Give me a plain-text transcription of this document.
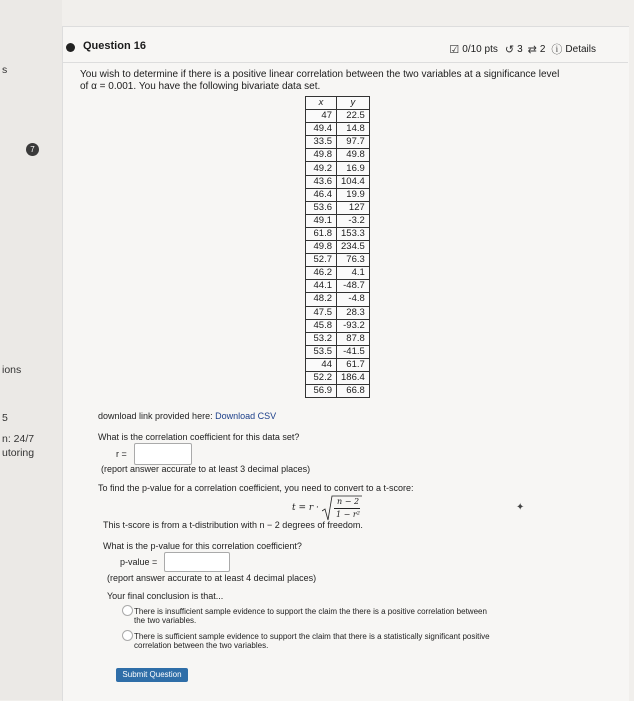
s
7
ions
5
n: 24/7
utoring
Question 16	☑ 0/10 pts ↺ 3 ⇄ 2 ⓘ Details
You wish to determine if there is a positive linear correlation between the two variables at a significance level
of α = 0.001. You have the following bivariate data set.
x	y
47	22.5
49.4	14.8
33.5	97.7
49.8	49.8
49.2	16.9
43.6	104.4
46.4	19.9
53.6	127
49.1	-3.2
61.8	153.3
49.8	234.5
52.7	76.3
46.2	4.1
44.1	-48.7
48.2	-4.8
47.5	28.3
45.8	-93.2
53.2	87.8
53.5	-41.5
44	61.7
52.2	186.4
56.9	66.8
download link provided here: Download CSV
What is the correlation coefficient for this data set?
r =
(report answer accurate to at least 3 decimal places)
To find the p-value for a correlation coefficient, you need to convert to a t-score:
t = r ·
n − 2
1 − r²
This t-score is from a t-distribution with n − 2 degrees of freedom.
What is the p-value for this correlation coefficient?
p-value =
(report answer accurate to at least 4 decimal places)
Your final conclusion is that...
There is insufficient sample evidence to support the claim the there is a positive correlation between
the two variables.
There is sufficient sample evidence to support the claim that there is a statistically significant positive
correlation between the two variables.
✦
Submit Question
